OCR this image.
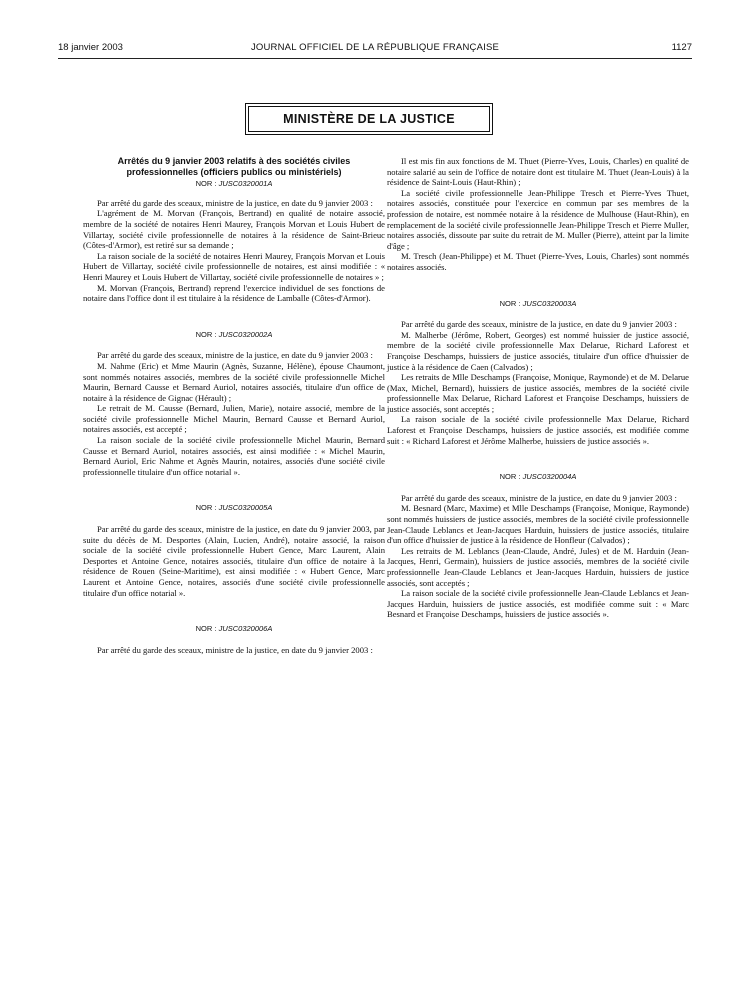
18 janvier 2003	JOURNAL OFFICIEL DE LA RÉPUBLIQUE FRANÇAISE	1127
MINISTÈRE DE LA JUSTICE
Arrêtés du 9 janvier 2003 relatifs à des sociétés civiles professionnelles (officiers publics ou ministériels)
NOR : JUSC0320001A

Par arrêté du garde des sceaux, ministre de la justice, en date du 9 janvier 2003 :

L'agrément de M. Morvan (François, Bertrand) en qualité de notaire associé, membre de la société de notaires Henri Maurey, François Morvan et Louis Hubert de Villartay, société civile professionnelle de notaires à la résidence de Saint-Brieuc (Côtes-d'Armor), est retiré sur sa demande ;

La raison sociale de la société de notaires Henri Maurey, François Morvan et Louis Hubert de Villartay, société civile professionnelle de notaires, est ainsi modifiée : « Henri Maurey et Louis Hubert de Villartay, société civile professionnelle de notaires » ;

M. Morvan (François, Bertrand) reprend l'exercice individuel de ses fonctions de notaire dans l'office dont il est titulaire à la résidence de Lamballe (Côtes-d'Armor).

NOR : JUSC0320002A

Par arrêté du garde des sceaux, ministre de la justice, en date du 9 janvier 2003 :

M. Nahme (Eric) et Mme Maurin (Agnès, Suzanne, Hélène), épouse Chaumont, sont nommés notaires associés, membres de la société civile professionnelle Michel Maurin, Bernard Causse et Bernard Auriol, notaires associés, titulaire d'un office de notaire à la résidence de Gignac (Hérault) ;

Le retrait de M. Causse (Bernard, Julien, Marie), notaire associé, membre de la société civile professionnelle Michel Maurin, Bernard Causse et Bernard Auriol, notaires associés, est accepté ;

La raison sociale de la société civile professionnelle Michel Maurin, Bernard Causse et Bernard Auriol, notaires associés, est ainsi modifiée : « Michel Maurin, Bernard Auriol, Eric Nahme et Agnès Maurin, notaires, associés d'une société civile professionnelle titulaire d'un office notarial ».

NOR : JUSC0320005A

Par arrêté du garde des sceaux, ministre de la justice, en date du 9 janvier 2003, par suite du décès de M. Desportes (Alain, Lucien, André), notaire associé, la raison sociale de la société civile professionnelle Hubert Gence, Marc Laurent, Alain Desportes et Antoine Gence, notaires associés, titulaire d'un office de notaire à la résidence de Rouen (Seine-Maritime), est ainsi modifiée : « Hubert Gence, Marc Laurent et Antoine Gence, notaires, associés d'une société civile professionnelle titulaire d'un office notarial ».

NOR : JUSC0320006A

Par arrêté du garde des sceaux, ministre de la justice, en date du 9 janvier 2003 :

Il est mis fin aux fonctions de M. Thuet (Pierre-Yves, Louis, Charles) en qualité de notaire salarié au sein de l'office de notaire dont est titulaire M. Thuet (Jean-Louis) à la résidence de Saint-Louis (Haut-Rhin) ;

La société civile professionnelle Jean-Philippe Tresch et Pierre-Yves Thuet, notaires associés, constituée pour l'exercice en commun par ses membres de la profession de notaire, est nommée notaire à la résidence de Mulhouse (Haut-Rhin), en remplacement de la société civile professionnelle Jean-Philippe Tresch et Pierre Muller, notaires associés, dissoute par suite du retrait de M. Muller (Pierre), atteint par la limite d'âge ;

M. Tresch (Jean-Philippe) et M. Thuet (Pierre-Yves, Louis, Charles) sont nommés notaires associés.

NOR : JUSC0320003A

Par arrêté du garde des sceaux, ministre de la justice, en date du 9 janvier 2003 :

M. Malherbe (Jérôme, Robert, Georges) est nommé huissier de justice associé, membre de la société civile professionnelle Max Delarue, Richard Laforest et Françoise Deschamps, huissiers de justice associés, titulaire d'un office d'huissier de justice à la résidence de Caen (Calvados) ;

Les retraits de Mlle Deschamps (Françoise, Monique, Raymonde) et de M. Delarue (Max, Michel, Bernard), huissiers de justice associés, membres de la société civile professionnelle Max Delarue, Richard Laforest et Françoise Deschamps, huissiers de justice associés, sont acceptés ;

La raison sociale de la société civile professionnelle Max Delarue, Richard Laforest et Françoise Deschamps, huissiers de justice associés, est modifiée comme suit : « Richard Laforest et Jérôme Malherbe, huissiers de justice associés ».

NOR : JUSC0320004A

Par arrêté du garde des sceaux, ministre de la justice, en date du 9 janvier 2003 :

M. Besnard (Marc, Maxime) et Mlle Deschamps (Françoise, Monique, Raymonde) sont nommés huissiers de justice associés, membres de la société civile professionnelle Jean-Claude Leblancs et Jean-Jacques Harduin, huissiers de justice associés, titulaire d'un office d'huissier de justice à la résidence de Honfleur (Calvados) ;

Les retraits de M. Leblancs (Jean-Claude, André, Jules) et de M. Harduin (Jean-Jacques, Henri, Germain), huissiers de justice associés, membres de la société civile professionnelle Jean-Claude Leblancs et Jean-Jacques Harduin, huissiers de justice associés, sont acceptés ;

La raison sociale de la société civile professionnelle Jean-Claude Leblancs et Jean-Jacques Harduin, huissiers de justice associés, est modifiée comme suit : « Marc Besnard et Françoise Deschamps, huissiers de justice associés ».
